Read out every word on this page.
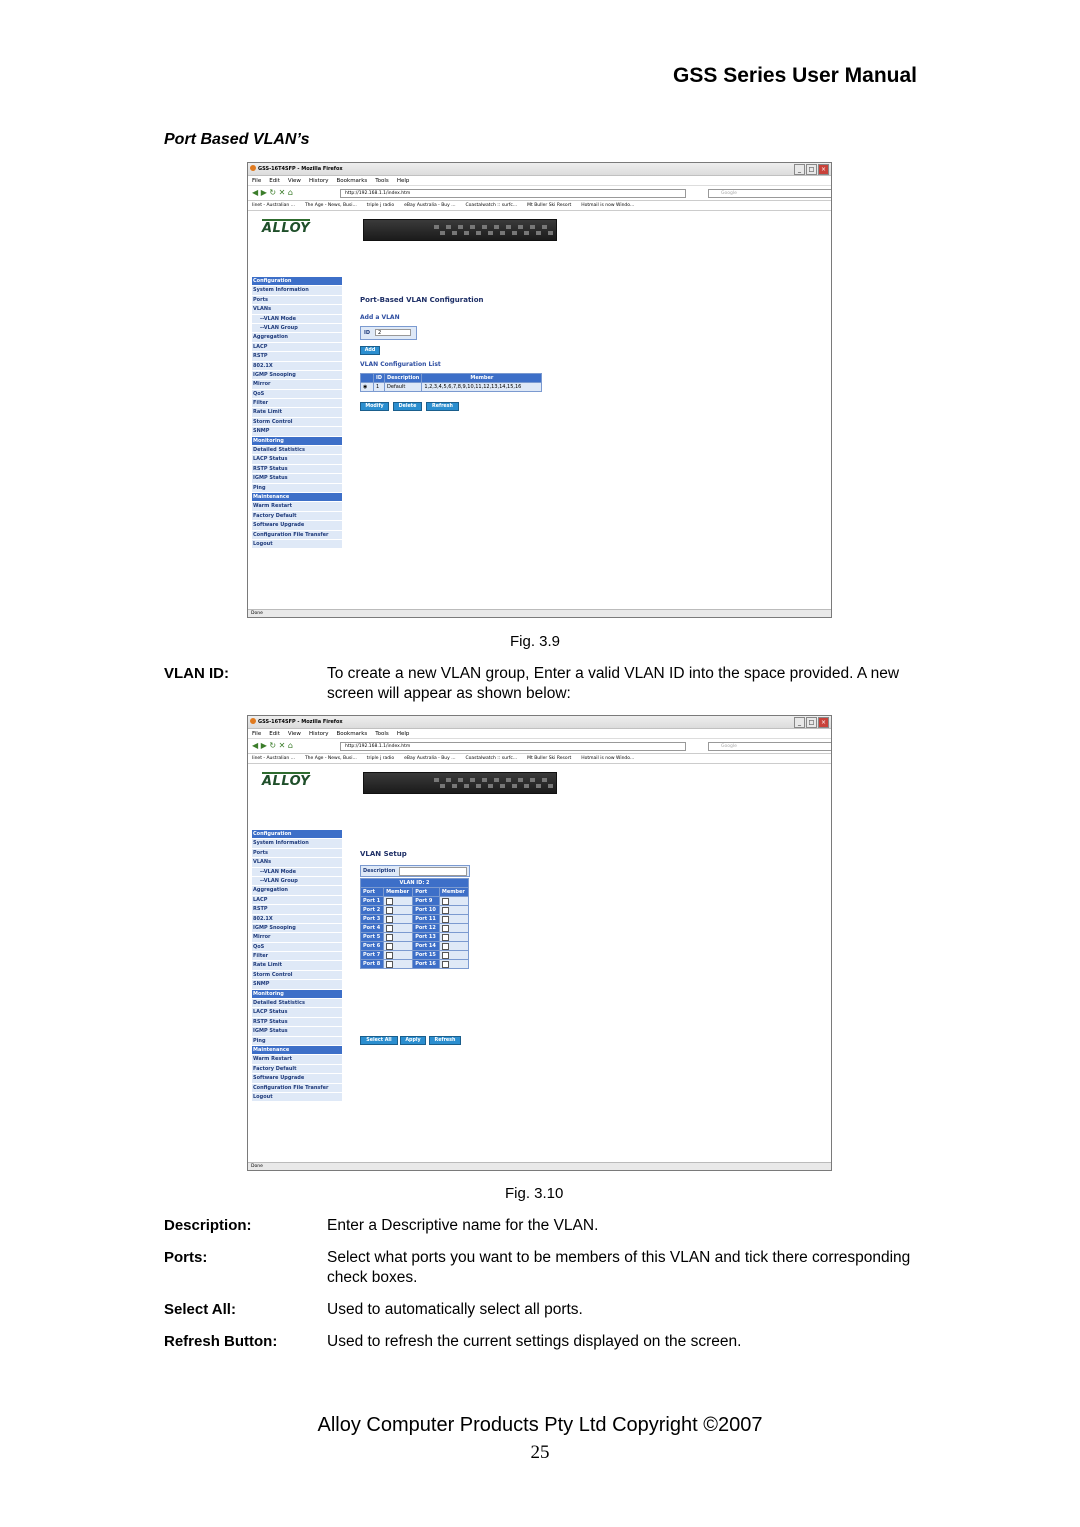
GSS Series User Manual
Port Based VLAN’s
GSS-16T4SFP - Mozilla Firefox	_	□	×
File Edit View History Bookmarks Tools Help
◀ ▶ ↻ ✕ ⌂	http://192.168.1.1/index.htm	Google
Iinet - Australian ... The Age - News, Busi... triple j radio eBay Australia - Buy ... Coastalwatch :: surfc... Mt Buller Ski Resort Hotmail is now Windo...
ALLOY
Configuration
System Information
Ports
VLANs
--VLAN Mode
--VLAN Group
Aggregation
LACP
RSTP
802.1X
IGMP Snooping
Mirror
QoS
Filter
Rate Limit
Storm Control
SNMP
Monitoring
Detailed Statistics
LACP Status
RSTP Status
IGMP Status
Ping
Maintenance
Warm Restart
Factory Default
Software Upgrade
Configuration File Transfer
Logout
Port-Based VLAN Configuration
Add a VLAN
ID	2
Add
VLAN Configuration List
	ID	Description	Member
◉	1	Default	1,2,3,4,5,6,7,8,9,10,11,12,13,14,15,16
Modify	Delete	Refresh
Done
Fig. 3.9
VLAN ID:	To create a new VLAN group, Enter a valid VLAN ID into the space provided. A new screen will appear as shown below:
GSS-16T4SFP - Mozilla Firefox	_	□	×
File Edit View History Bookmarks Tools Help
◀ ▶ ↻ ✕ ⌂	http://192.168.1.1/index.htm	Google
Iinet - Australian ... The Age - News, Busi... triple j radio eBay Australia - Buy ... Coastalwatch :: surfc... Mt Buller Ski Resort Hotmail is now Windo...
ALLOY
Configuration
System Information
Ports
VLANs
--VLAN Mode
--VLAN Group
Aggregation
LACP
RSTP
802.1X
IGMP Snooping
Mirror
QoS
Filter
Rate Limit
Storm Control
SNMP
Monitoring
Detailed Statistics
LACP Status
RSTP Status
IGMP Status
Ping
Maintenance
Warm Restart
Factory Default
Software Upgrade
Configuration File Transfer
Logout
VLAN Setup
Description
VLAN ID: 2			
Port	Member	Port	Member
Port 1		Port 9	
Port 2		Port 10	
Port 3		Port 11	
Port 4		Port 12	
Port 5		Port 13	
Port 6		Port 14	
Port 7		Port 15	
Port 8		Port 16	
Select All	Apply	Refresh
Done
Fig. 3.10
Description:	Enter a Descriptive name for the VLAN.
Ports:	Select what ports you want to be members of this VLAN and tick there corresponding check boxes.
Select All:	Used to automatically select all ports.
Refresh Button:	Used to refresh the current settings displayed on the screen.
Alloy Computer Products Pty Ltd Copyright ©2007
25
